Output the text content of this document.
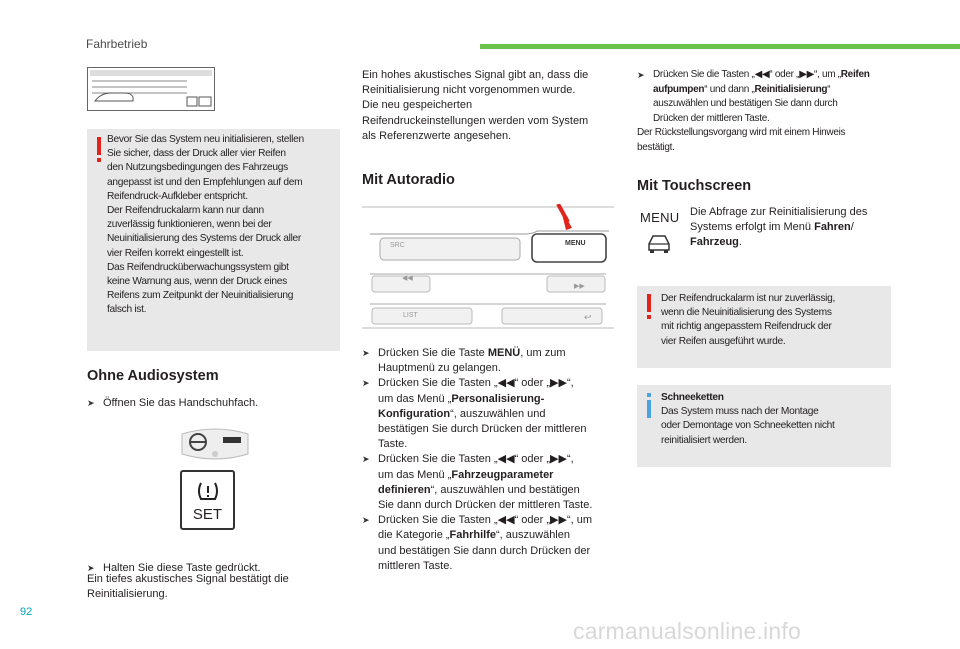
Fahrbetrieb
92
carmanualsonline.info
Bevor Sie das System neu initialisieren, stellen
Sie sicher, dass der Druck aller vier Reifen
den Nutzungsbedingungen des Fahrzeugs
angepasst ist und den Empfehlungen auf dem
Reifendruck-Aufkleber entspricht.
Der Reifendruckalarm kann nur dann
zuverlässig funktionieren, wenn bei der
Neuinitialisierung des Systems der Druck aller
vier Reifen korrekt eingestellt ist.
Das Reifendrucküberwachungssystem gibt
keine Warnung aus, wenn der Druck eines
Reifens zum Zeitpunkt der Neuinitialisierung
falsch ist.
Ohne Audiosystem
➤ Öffnen Sie das Handschuhfach.
SET
➤ Halten Sie diese Taste gedrückt.
Ein tiefes akustisches Signal bestätigt die
Reinitialisierung.
Ein hohes akustisches Signal gibt an, dass die
Reinitialisierung nicht vorgenommen wurde.
Die neu gespeicherten
Reifendruckeinstellungen werden vom System
als Referenzwerte angesehen.
Mit Autoradio
◀◀
▶▶
↩
SRC	MENU
LIST
➤ Drücken Sie die Taste MENÜ, um zum
Hauptmenü zu gelangen.
➤ Drücken Sie die Tasten „◀◀“ oder „▶▶“,
um das Menü „Personalisierung-
Konfiguration“, auszuwählen und
bestätigen Sie durch Drücken der mittleren
Taste.
➤ Drücken Sie die Tasten „◀◀“ oder „▶▶“,
um das Menü „Fahrzeugparameter
definieren“, auszuwählen und bestätigen
Sie dann durch Drücken der mittleren Taste.
➤ Drücken Sie die Tasten „◀◀“ oder „▶▶“, um
die Kategorie „Fahrhilfe“, auszuwählen
und bestätigen Sie dann durch Drücken der
mittleren Taste.
➤ Drücken Sie die Tasten „◀◀“ oder „▶▶“, um „Reifen
aufpumpen“ und dann „Reinitialisierung“
auszuwählen und bestätigen Sie dann durch
Drücken der mittleren Taste.
Der Rückstellungsvorgang wird mit einem Hinweis
bestätigt.
Mit Touchscreen
MENU Die Abfrage zur Reinitialisierung des
Systems erfolgt im Menü Fahren/
Fahrzeug.
Der Reifendruckalarm ist nur zuverlässig,
wenn die Neuinitialisierung des Systems
mit richtig angepasstem Reifendruck der
vier Reifen ausgeführt wurde.
Schneeketten
Das System muss nach der Montage
oder Demontage von Schneeketten nicht
reinitialisiert werden.
